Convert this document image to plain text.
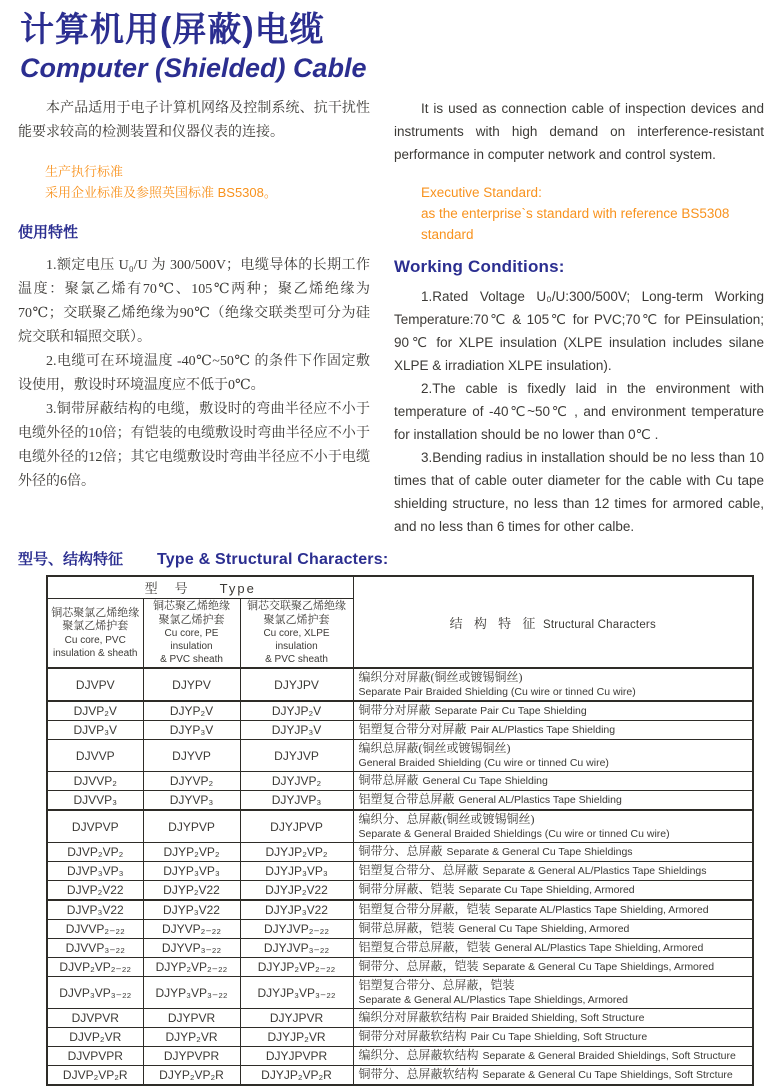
计算机用(屏蔽)电缆
Computer (Shielded) Cable

本产品适用于电子计算机网络及控制系统、抗干扰性能要求较高的检测装置和仪器仪表的连接。

生产执行标准

采用企业标准及参照英国标准 BS5308。

使用特性

1.额定电压 U₀/U 为 300/500V；电缆导体的长期工作温度：聚氯乙烯有70℃、105℃两种；聚乙烯绝缘为70℃；交联聚乙烯绝缘为90℃（绝缘交联类型可分为硅烷交联和辐照交联）。

2.电缆可在环境温度 -40℃~50℃ 的条件下作固定敷设使用，敷设时环境温度应不低于0℃。

3.铜带屏蔽结构的电缆，敷设时的弯曲半径应不小于电缆外径的10倍；有铠装的电缆敷设时弯曲半径应不小于电缆外径的12倍；其它电缆敷设时弯曲半径应不小于电缆外径的6倍。

It is used as connection cable of inspection devices and instruments with high demand on interference-resistant performance in computer network and control system.

Executive Standard:

as the enterprise`s standard with reference BS5308 standard

Working Conditions:

1.Rated Voltage U₀/U:300/500V; Long-term Working Temperature:70℃ & 105℃ for PVC;70℃ for PEinsulation; 90℃ for XLPE insulation (XLPE insulation includes silane XLPE & irradiation XLPE insulation).

2.The cable is fixedly laid in the environment with temperature of -40℃~50℃ , and environment temperature for installation should be no lower than 0℃ .

3.Bending radius in installation should be no less than 10 times that of cable outer diameter for the cable with Cu tape shielding structure, no less than 12 times for armored cable, and no less than 6 times for other calbe.

型号、结构特征 Type & Structural Characters:
型　号　　Type			结 构 特 征 Structural Characters

铜芯聚氯乙烯绝缘
聚氯乙烯护套
Cu core, PVC
insulation & sheath	铜芯聚乙烯绝缘
聚氯乙烯护套
Cu core, PE insulation
& PVC sheath	铜芯交联聚乙烯绝缘
聚氯乙烯护套
Cu core, XLPE insulation
& PVC sheath	

DJVPV	DJYPV	DJYJPV	编织分对屏蔽(铜丝或镀锡铜丝)
Separate Pair Braided Shielding (Cu wire or tinned Cu wire)

DJVP₂V	DJYP₂V	DJYJP₂V	铜带分对屏蔽 Separate Pair Cu Tape Shielding
DJVP₃V	DJYP₃V	DJYJP₃V	铝塑复合带分对屏蔽 Pair AL/Plastics Tape Shielding
DJVVP	DJYVP	DJYJVP	编织总屏蔽(铜丝或镀锡铜丝)
General Braided Shielding (Cu wire or tinned Cu wire)

DJVVP₂	DJYVP₂	DJYJVP₂	铜带总屏蔽 General Cu Tape Shielding
DJVVP₃	DJYVP₃	DJYJVP₃	铝塑复合带总屏蔽 General AL/Plastics Tape Shielding
DJVPVP	DJYPVP	DJYJPVP	编织分、总屏蔽(铜丝或镀锡铜丝)
Separate & General Braided Shieldings (Cu wire or tinned Cu wire)

DJVP₂VP₂	DJYP₂VP₂	DJYJP₂VP₂	铜带分、总屏蔽 Separate & General Cu Tape Shieldings
DJVP₃VP₃	DJYP₃VP₃	DJYJP₃VP₃	铝塑复合带分、总屏蔽 Separate & General AL/Plastics Tape Shieldings
DJVP₂V22	DJYP₂V22	DJYJP₂V22	铜带分屏蔽、铠装 Separate Cu Tape Shielding, Armored
DJVP₃V22	DJYP₃V22	DJYJP₃V22	铝塑复合带分屏蔽，铠装 Separate AL/Plastics Tape Shielding, Armored
DJVVP₂₋₂₂	DJYVP₂₋₂₂	DJYJVP₂₋₂₂	铜带总屏蔽，铠装 General Cu Tape Shielding, Armored
DJVVP₃₋₂₂	DJYVP₃₋₂₂	DJYJVP₃₋₂₂	铝塑复合带总屏蔽，铠装 General AL/Plastics Tape Shielding, Armored
DJVP₂VP₂₋₂₂	DJYP₂VP₂₋₂₂	DJYJP₂VP₂₋₂₂	铜带分、总屏蔽，铠装 Separate & General Cu Tape Shieldings, Armored
DJVP₃VP₃₋₂₂	DJYP₃VP₃₋₂₂	DJYJP₃VP₃₋₂₂	铝塑复合带分、总屏蔽，铠装
Separate & General AL/Plastics Tape Shieldings, Armored

DJVPVR	DJYPVR	DJYJPVR	编织分对屏蔽软结构 Pair Braided Shielding, Soft Structure
DJVP₂VR	DJYP₂VR	DJYJP₂VR	铜带分对屏蔽软结构 Pair Cu Tape Shielding, Soft Structure
DJVPVPR	DJYPVPR	DJYJPVPR	编织分、总屏蔽软结构 Separate & General Braided Shieldings, Soft Structure
DJVP₂VP₂R	DJYP₂VP₂R	DJYJP₂VP₂R	铜带分、总屏蔽软结构 Separate & General Cu Tape Shieldings, Soft Strcture
